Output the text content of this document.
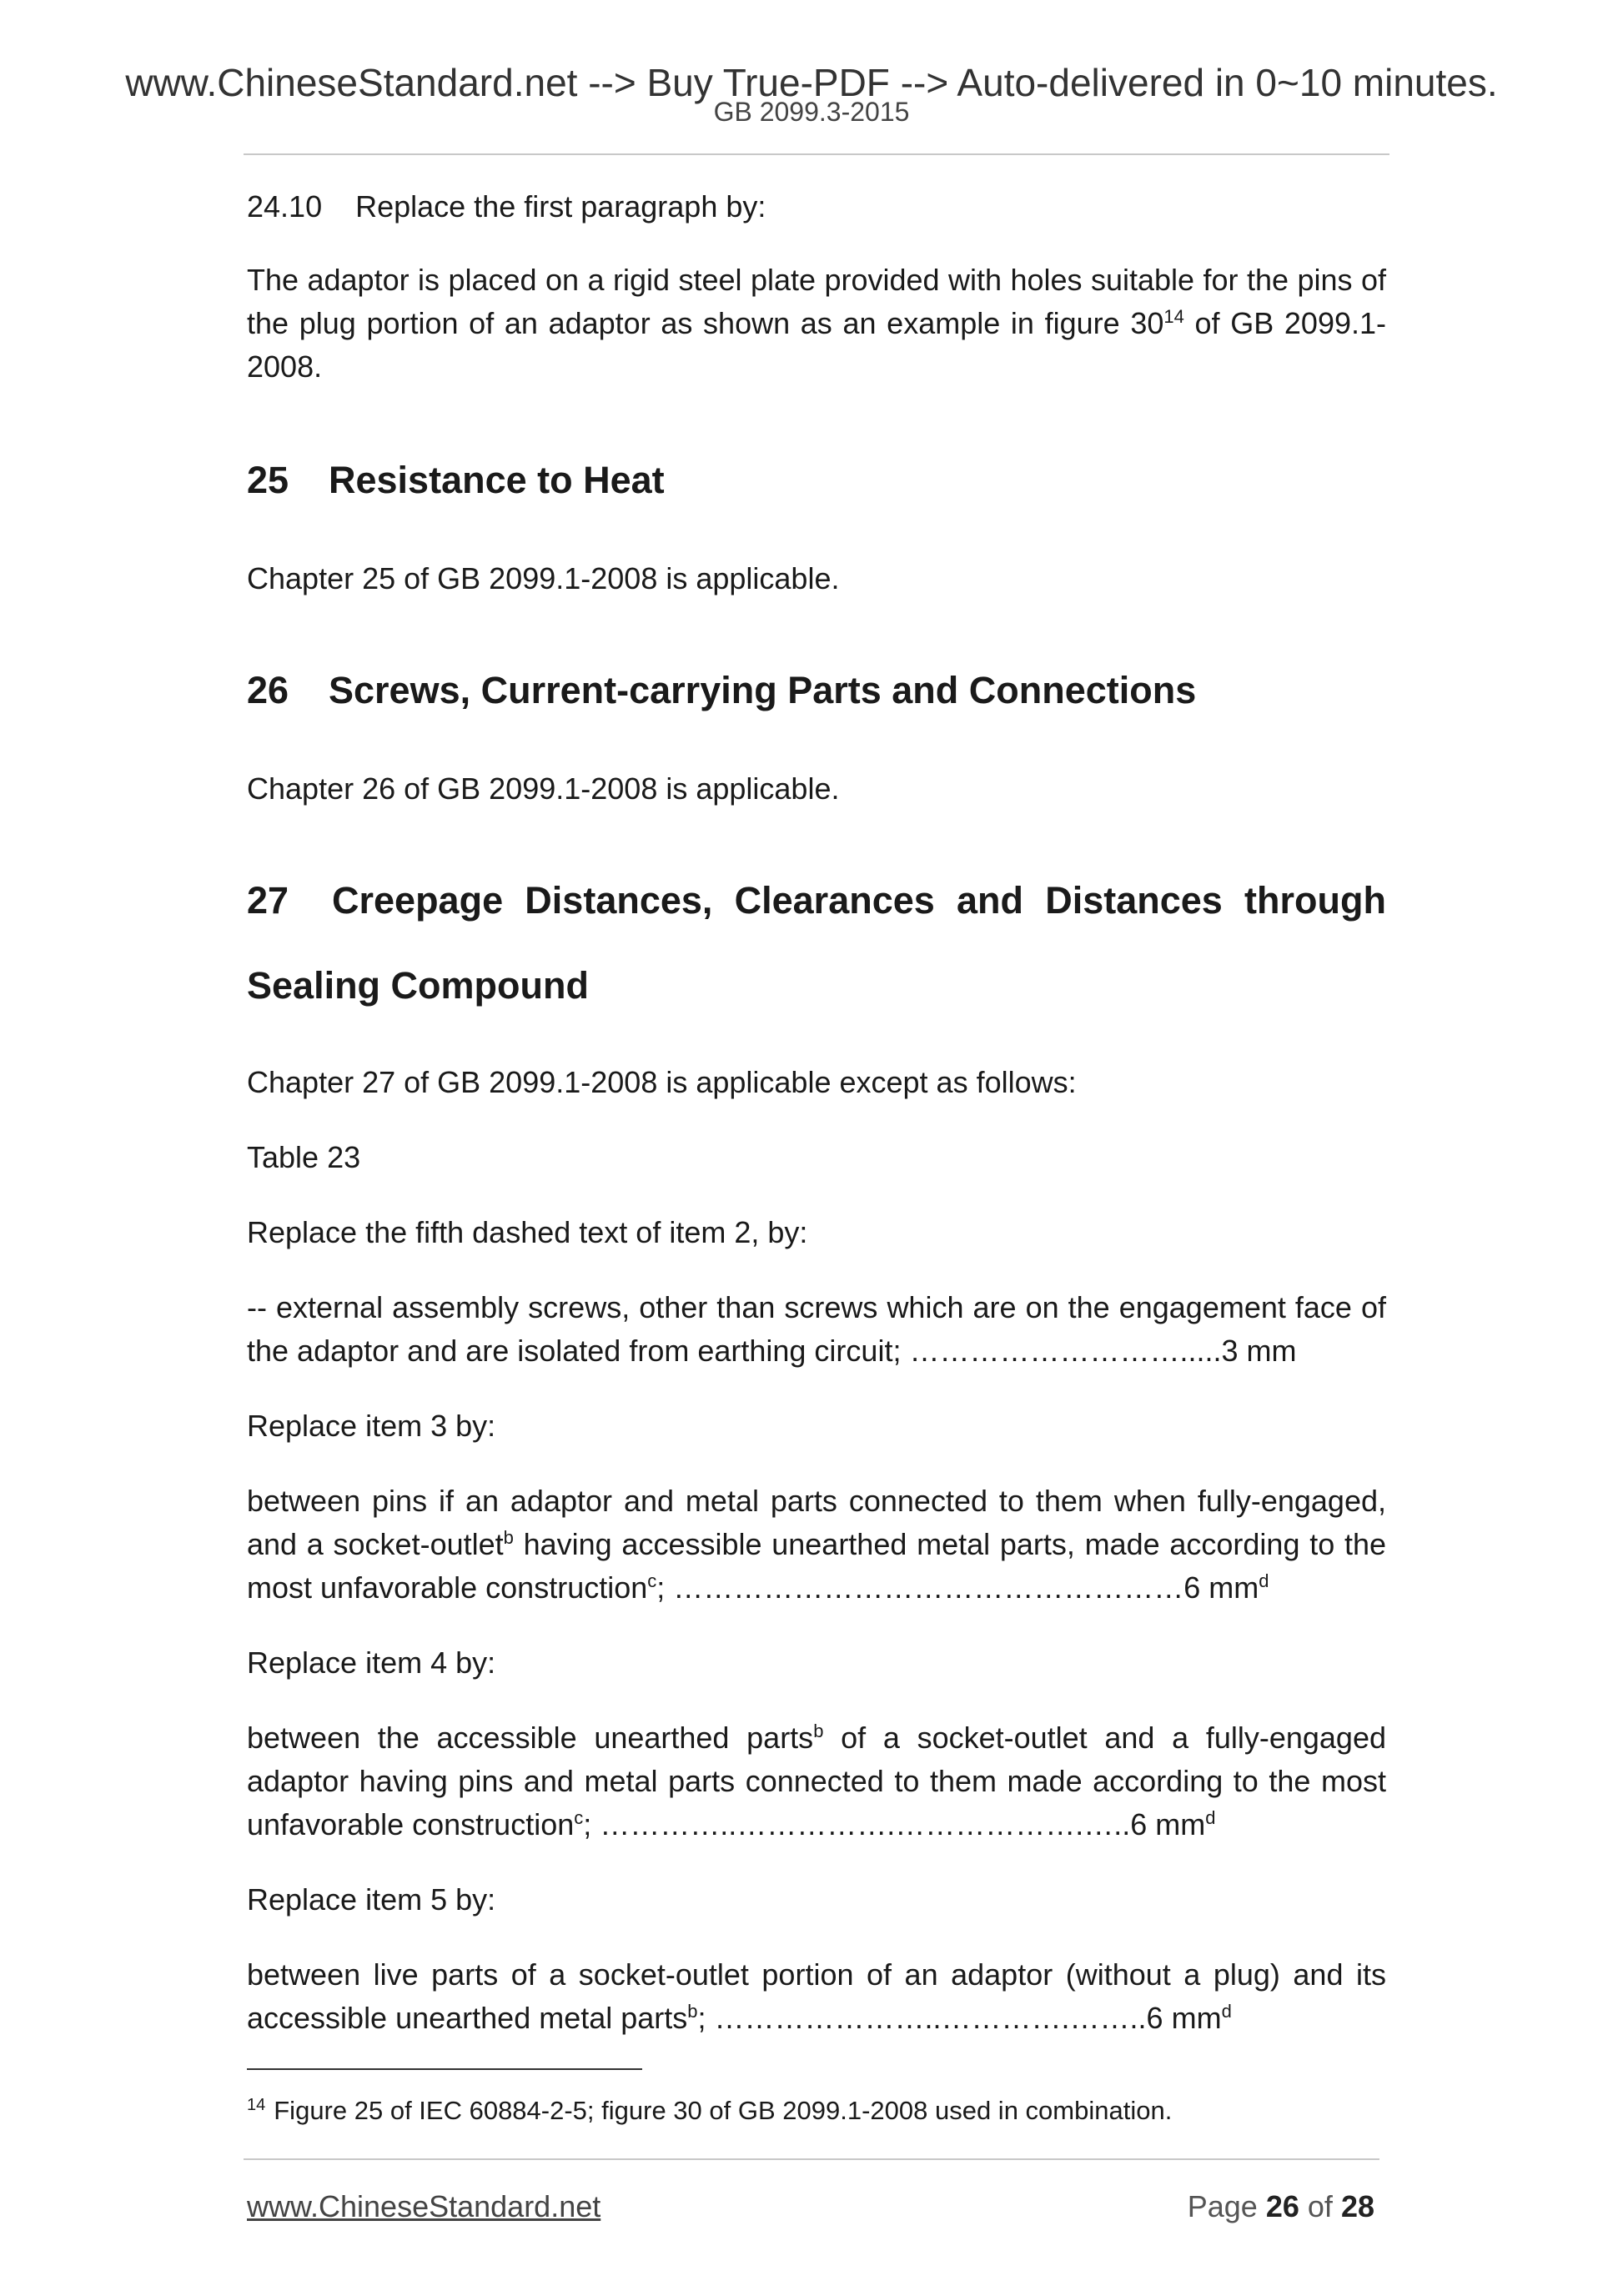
www.ChineseStandard.net --> Buy True-PDF --> Auto-delivered in 0~10 minutes.
GB 2099.3-2015
24.10    Replace the first paragraph by:
The adaptor is placed on a rigid steel plate provided with holes suitable for the pins of the plug portion of an adaptor as shown as an example in figure $30^{14}$ of GB 2099.1-2008.
25 Resistance to Heat
Chapter 25 of GB 2099.1-2008 is applicable.
26 Screws, Current-carrying Parts and Connections
Chapter 26 of GB 2099.1-2008 is applicable.
27	Creepage Distances, Clearances and Distances through
Sealing Compound
Chapter 27 of GB 2099.1-2008 is applicable except as follows:
Table 23
Replace the fifth dashed text of item 2, by:
-- external assembly screws, other than screws which are on the engagement face of the adaptor and are isolated from earthing circuit; ……………………….....3 mm
Replace item 3 by:
between pins if an adaptor and metal parts connected to them when fully-engaged, and a socket-outlet$^b$ having accessible unearthed metal parts, made according to the most unfavorable construction$^c$; ……………………………………………6 $mm^d$
Replace item 4 by:
between the accessible unearthed parts$^b$ of a socket-outlet and a fully-engaged adaptor having pins and metal parts connected to them made according to the most unfavorable construction$^c$; …………..…………….……………….…..6 $mm^d$
Replace item 5 by:
between live parts of a socket-outlet portion of an adaptor (without a plug) and its accessible unearthed metal parts$^b$; …………………..………….……..6 $mm^d$
$^{14}$ Figure 25 of IEC 60884-2-5; figure 30 of GB 2099.1-2008 used in combination.
www.ChineseStandard.net	Page 26 of 28
